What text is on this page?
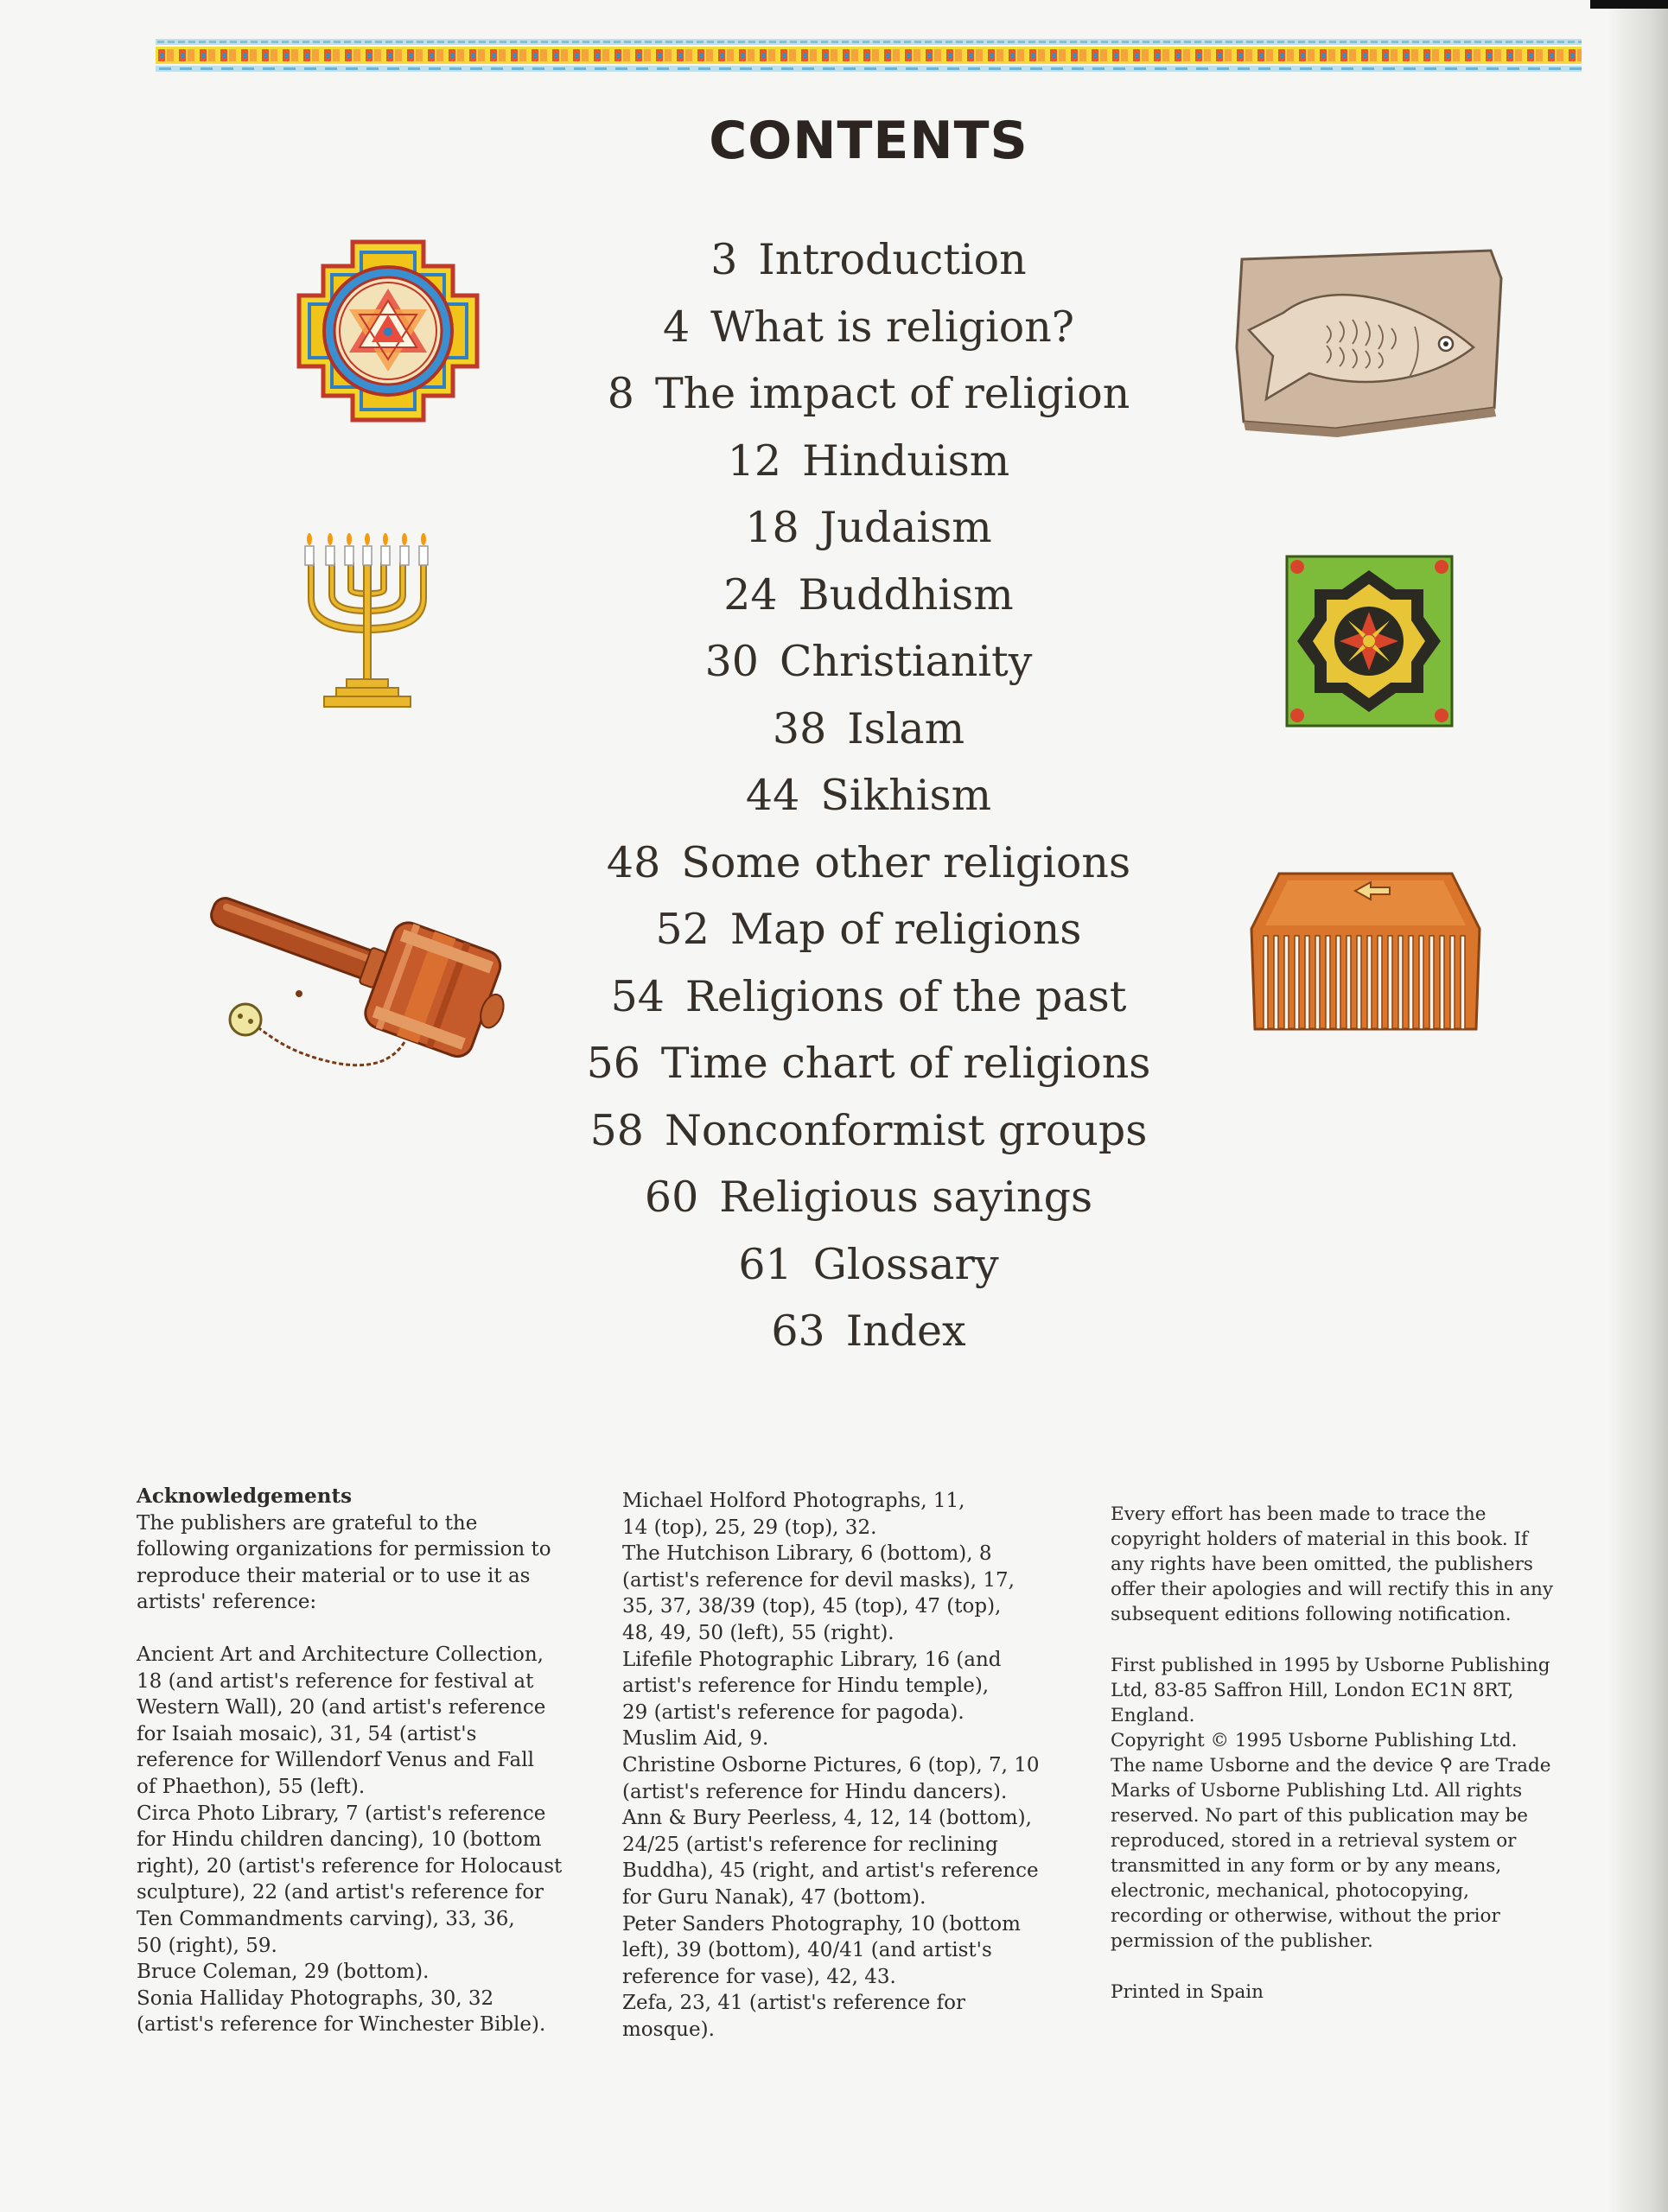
CONTENTS
3 Introduction
4 What is religion?
8 The impact of religion
12 Hinduism
18 Judaism
24 Buddhism
30 Christianity
38 Islam
44 Sikhism
48 Some other religions
52 Map of religions
54 Religions of the past
56 Time chart of religions
58 Nonconformist groups
60 Religious sayings
61 Glossary
63 Index

Acknowledgements

The publishers are grateful to the

following organizations for permission to

reproduce their material or to use it as

artists' reference:

Ancient Art and Architecture Collection,

18 (and artist's reference for festival at

Western Wall), 20 (and artist's reference

for Isaiah mosaic), 31, 54 (artist's

reference for Willendorf Venus and Fall

of Phaethon), 55 (left).

Circa Photo Library, 7 (artist's reference

for Hindu children dancing), 10 (bottom

right), 20 (artist's reference for Holocaust

sculpture), 22 (and artist's reference for

Ten Commandments carving), 33, 36,

50 (right), 59.

Bruce Coleman, 29 (bottom).

Sonia Halliday Photographs, 30, 32

(artist's reference for Winchester Bible).

Michael Holford Photographs, 11,

14 (top), 25, 29 (top), 32.

The Hutchison Library, 6 (bottom), 8

(artist's reference for devil masks), 17,

35, 37, 38/39 (top), 45 (top), 47 (top),

48, 49, 50 (left), 55 (right).

Lifefile Photographic Library, 16 (and

artist's reference for Hindu temple),

29 (artist's reference for pagoda).

Muslim Aid, 9.

Christine Osborne Pictures, 6 (top), 7, 10

(artist's reference for Hindu dancers).

Ann & Bury Peerless, 4, 12, 14 (bottom),

24/25 (artist's reference for reclining

Buddha), 45 (right, and artist's reference

for Guru Nanak), 47 (bottom).

Peter Sanders Photography, 10 (bottom

left), 39 (bottom), 40/41 (and artist's

reference for vase), 42, 43.

Zefa, 23, 41 (artist's reference for

mosque).

Every effort has been made to trace the

copyright holders of material in this book. If

any rights have been omitted, the publishers

offer their apologies and will rectify this in any

subsequent editions following notification.

First published in 1995 by Usborne Publishing

Ltd, 83-85 Saffron Hill, London EC1N 8RT,

England.

Copyright © 1995 Usborne Publishing Ltd.

The name Usborne and the device ⚲ are Trade

Marks of Usborne Publishing Ltd. All rights

reserved. No part of this publication may be

reproduced, stored in a retrieval system or

transmitted in any form or by any means,

electronic, mechanical, photocopying,

recording or otherwise, without the prior

permission of the publisher.

Printed in Spain
